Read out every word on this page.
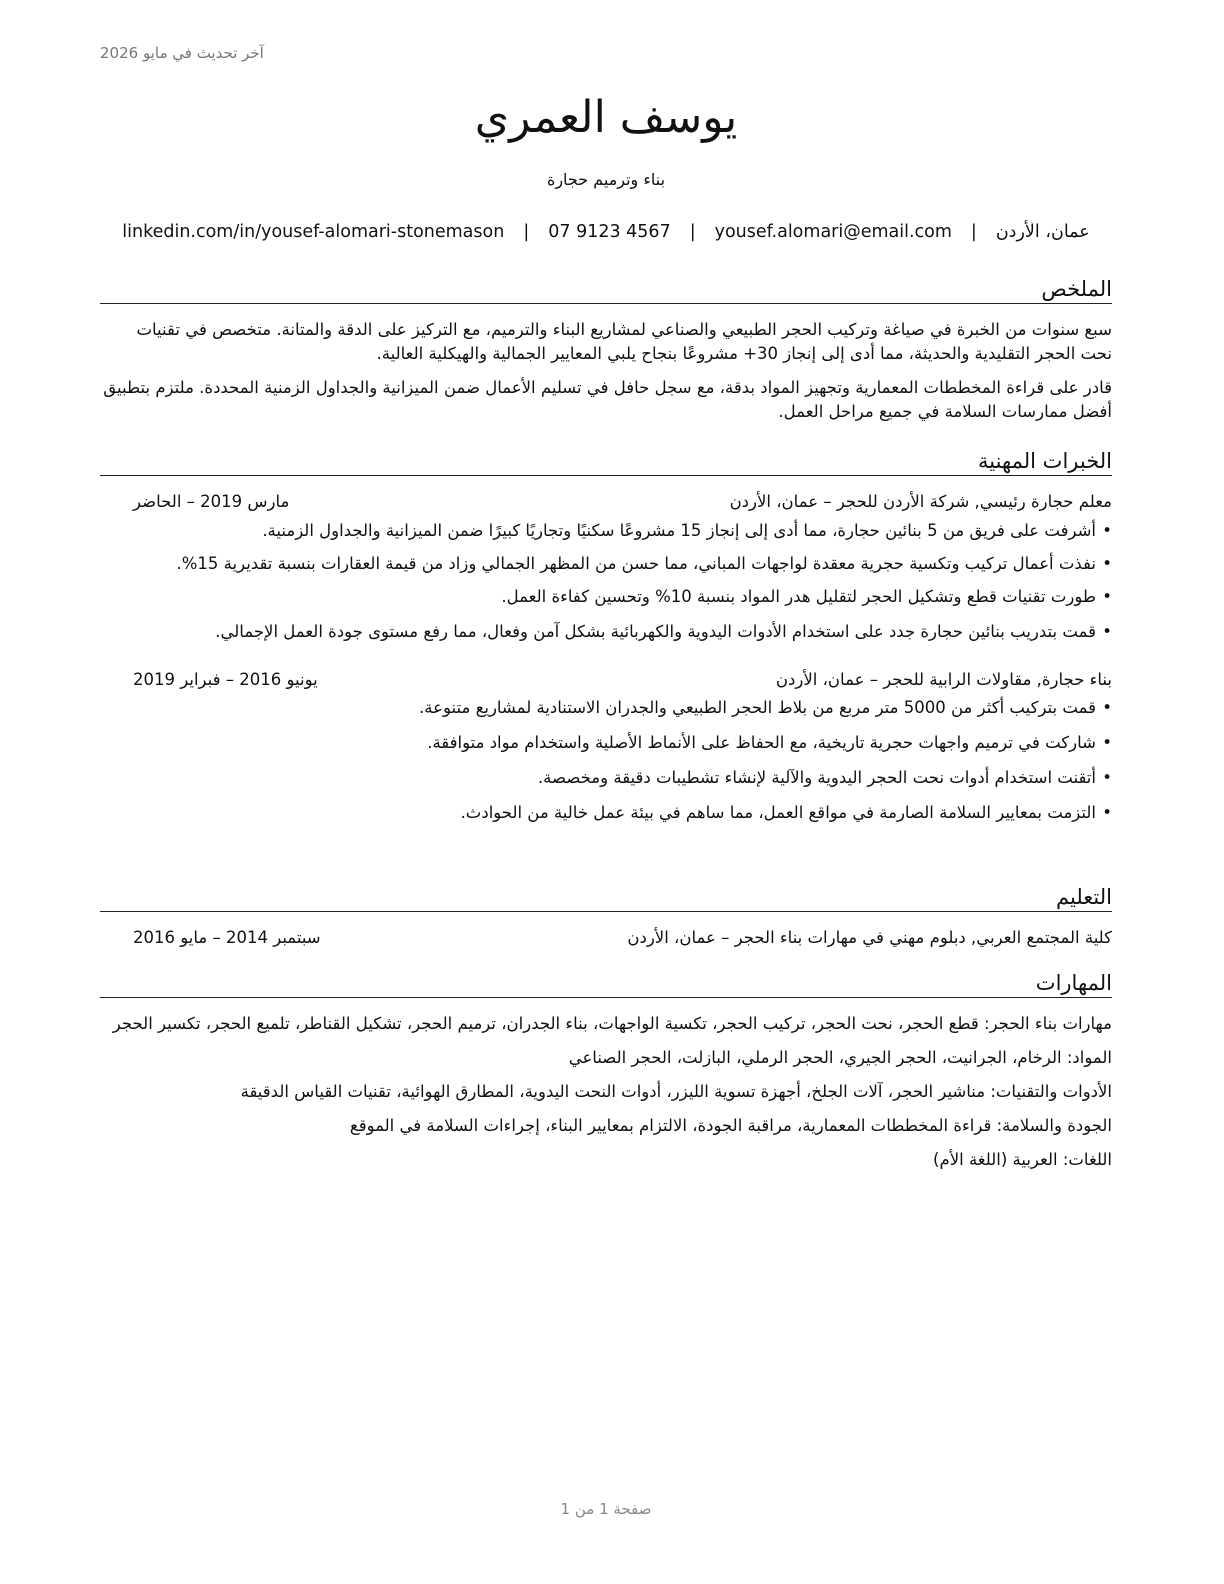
آخر تحديث في مايو 2026
يوسف العمري
بناء وترميم حجارة
عمان، الأردن
|
yousef.alomari@email.com
|
07 9123 4567
|
linkedin.com/in/yousef-alomari-stonemason
الملخص

سبع سنوات من الخبرة في صياغة وتركيب الحجر الطبيعي والصناعي لمشاريع البناء والترميم، مع التركيز على الدقة والمتانة. متخصص في تقنيات نحت الحجر التقليدية والحديثة، مما أدى إلى إنجاز 30+ مشروعًا بنجاح يلبي المعايير الجمالية والهيكلية العالية.

قادر على قراءة المخططات المعمارية وتجهيز المواد بدقة، مع سجل حافل في تسليم الأعمال ضمن الميزانية والجداول الزمنية المحددة. ملتزم بتطبيق أفضل ممارسات السلامة في جميع مراحل العمل.

الخبرات المهنية
معلم حجارة رئيسي, شركة الأردن للحجر – عمان، الأردن
مارس 2019 – الحاضر
• أشرفت على فريق من 5 بنائين حجارة، مما أدى إلى إنجاز 15 مشروعًا سكنيًا وتجاريًا كبيرًا ضمن الميزانية والجداول الزمنية.
• نفذت أعمال تركيب وتكسية حجرية معقدة لواجهات المباني، مما حسن من المظهر الجمالي وزاد من قيمة العقارات بنسبة تقديرية 15%.
• طورت تقنيات قطع وتشكيل الحجر لتقليل هدر المواد بنسبة 10% وتحسين كفاءة العمل.
• قمت بتدريب بنائين حجارة جدد على استخدام الأدوات اليدوية والكهربائية بشكل آمن وفعال، مما رفع مستوى جودة العمل الإجمالي.
بناء حجارة, مقاولات الرابية للحجر – عمان، الأردن
يونيو 2016 – فبراير 2019
• قمت بتركيب أكثر من 5000 متر مربع من بلاط الحجر الطبيعي والجدران الاستنادية لمشاريع متنوعة.
• شاركت في ترميم واجهات حجرية تاريخية، مع الحفاظ على الأنماط الأصلية واستخدام مواد متوافقة.
• أتقنت استخدام أدوات نحت الحجر اليدوية والآلية لإنشاء تشطيبات دقيقة ومخصصة.
• التزمت بمعايير السلامة الصارمة في مواقع العمل، مما ساهم في بيئة عمل خالية من الحوادث.
التعليم
كلية المجتمع العربي, دبلوم مهني في مهارات بناء الحجر – عمان، الأردن
سبتمبر 2014 – مايو 2016
المهارات

مهارات بناء الحجر: قطع الحجر، نحت الحجر، تركيب الحجر، تكسية الواجهات، بناء الجدران، ترميم الحجر، تشكيل القناطر، تلميع الحجر، تكسير الحجر

المواد: الرخام، الجرانيت، الحجر الجيري، الحجر الرملي، البازلت، الحجر الصناعي

الأدوات والتقنيات: مناشير الحجر، آلات الجلخ، أجهزة تسوية الليزر، أدوات النحت اليدوية، المطارق الهوائية، تقنيات القياس الدقيقة

الجودة والسلامة: قراءة المخططات المعمارية، مراقبة الجودة، الالتزام بمعايير البناء، إجراءات السلامة في الموقع

اللغات: العربية (اللغة الأم)

صفحة 1 من 1
